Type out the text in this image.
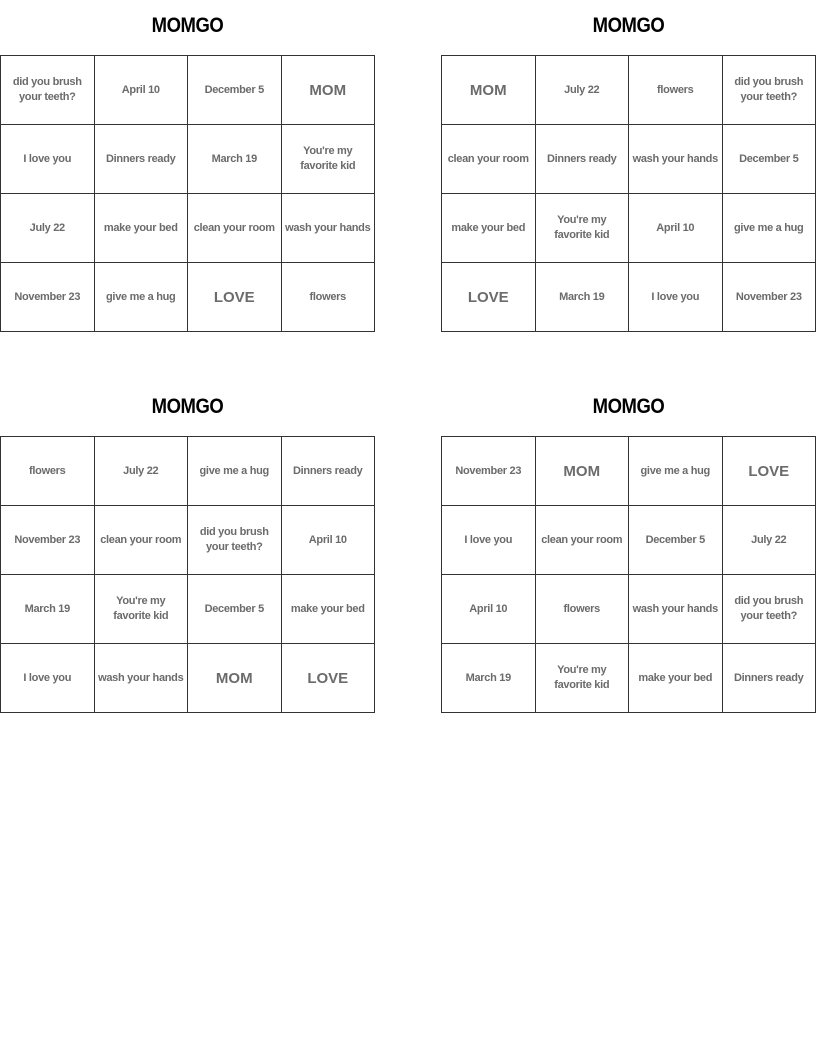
MOMGO
did you brush your teeth?	April 10	December 5	MOM
I love you	Dinners ready	March 19	You're my favorite kid
July 22	make your bed	clean your room	wash your hands
November 23	give me a hug	LOVE	flowers
MOMGO
MOM	July 22	flowers	did you brush your teeth?
clean your room	Dinners ready	wash your hands	December 5
make your bed	You're my favorite kid	April 10	give me a hug
LOVE	March 19	I love you	November 23
MOMGO
flowers	July 22	give me a hug	Dinners ready
November 23	clean your room	did you brush your teeth?	April 10
March 19	You're my favorite kid	December 5	make your bed
I love you	wash your hands	MOM	LOVE
MOMGO
November 23	MOM	give me a hug	LOVE
I love you	clean your room	December 5	July 22
April 10	flowers	wash your hands	did you brush your teeth?
March 19	You're my favorite kid	make your bed	Dinners ready
